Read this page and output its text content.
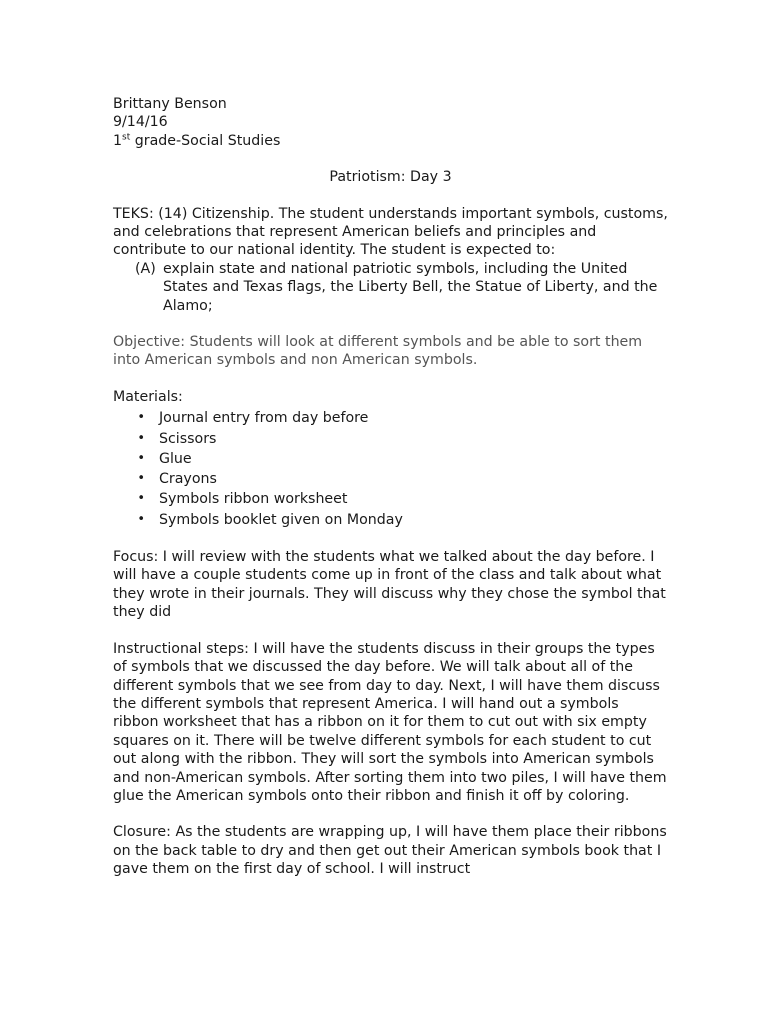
Brittany Benson

9/14/16

1st grade-Social Studies

Patriotism: Day 3

TEKS: (14) Citizenship. The student understands important symbols, customs, and celebrations that represent American beliefs and principles and contribute to our national identity. The student is expected to:

(A) explain state and national patriotic symbols, including the United States and Texas flags, the Liberty Bell, the Statue of Liberty, and the Alamo;

Objective: Students will look at different symbols and be able to sort them into American symbols and non American symbols.

Materials:

• Journal entry from day before
• Scissors
• Glue
• Crayons
• Symbols ribbon worksheet
• Symbols booklet given on Monday

Focus: I will review with the students what we talked about the day before. I will have a couple students come up in front of the class and talk about what they wrote in their journals. They will discuss why they chose the symbol that they did

Instructional steps: I will have the students discuss in their groups the types of symbols that we discussed the day before. We will talk about all of the different symbols that we see from day to day. Next, I will have them discuss the different symbols that represent America. I will hand out a symbols ribbon worksheet that has a ribbon on it for them to cut out with six empty squares on it. There will be twelve different symbols for each student to cut out along with the ribbon. They will sort the symbols into American symbols and non-American symbols. After sorting them into two piles, I will have them glue the American symbols onto their ribbon and finish it off by coloring.

Closure: As the students are wrapping up, I will have them place their ribbons on the back table to dry and then get out their American symbols book that I gave them on the first day of school. I will instruct
